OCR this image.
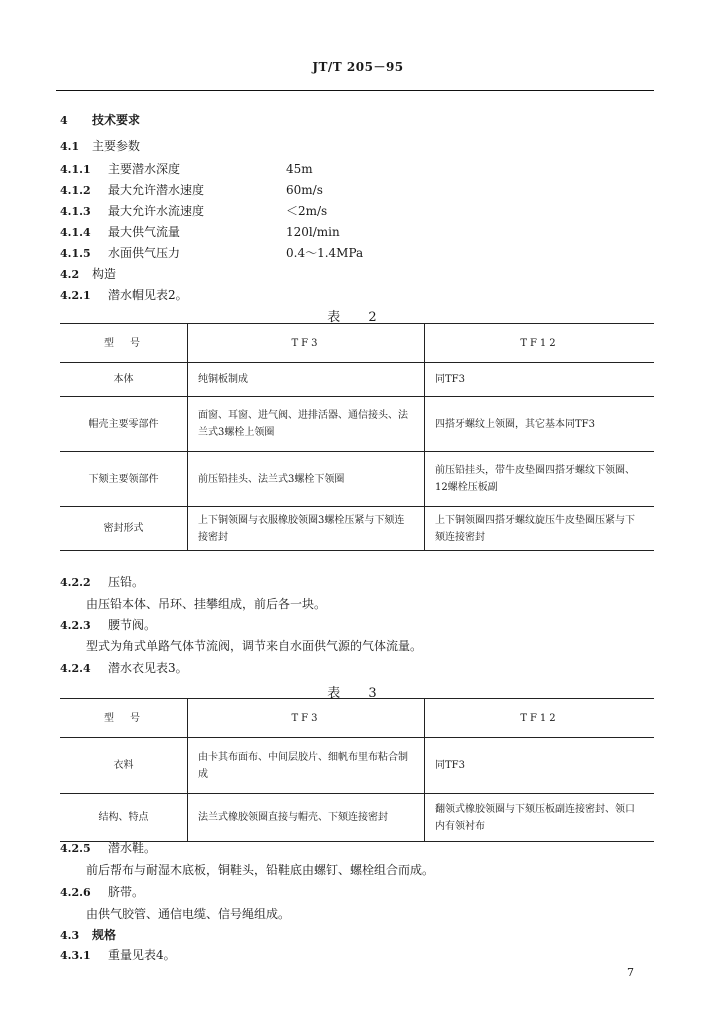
JT/T 205－95
4 技术要求
4.1 主要参数
4.1.1 主要潜水深度	45m
4.1.2 最大允许潜水速度	60m/s
4.1.3 最大允许水流速度	＜2m/s
4.1.4 最大供气流量	120l/min
4.1.5 水面供气压力	0.4～1.4MPa
4.2 构造
4.2.1 潜水帽见表2。
表 2
型　号	TF3	TF12
本体	纯铜板制成	同TF3
帽壳主要零部件	面窗、耳窗、进气阀、进排活器、通信接头、法兰式3螺栓上领圈	四搭牙螺纹上领圈，其它基本同TF3
下颏主要领部件	前压铅挂头、法兰式3螺栓下领圈	前压铅挂头，带牛皮垫圈四搭牙螺纹下领圈、12螺栓压板副
密封形式	上下铜领圈与衣服橡胶领圈3螺栓压紧与下颏连接密封	上下铜领圈四搭牙螺纹旋压牛皮垫圈压紧与下颏连接密封
4.2.2 压铅。
由压铅本体、吊环、挂攀组成，前后各一块。
4.2.3 腰节阀。
型式为角式单路气体节流阀，调节来自水面供气源的气体流量。
4.2.4 潜水衣见表3。
表 3
型　号	TF3	TF12
衣料	由卡其布面布、中间层胶片、细帆布里布粘合制成	同TF3
结构、特点	法兰式橡胶领圈直接与帽壳、下颏连接密封	翻领式橡胶领圈与下颏压板副连接密封、领口内有领衬布
4.2.5 潜水鞋。
前后帮布与耐湿木底板，铜鞋头，铅鞋底由螺钉、螺栓组合而成。
4.2.6 脐带。
由供气胶管、通信电缆、信号绳组成。
4.3 规格
4.3.1 重量见表4。
7
